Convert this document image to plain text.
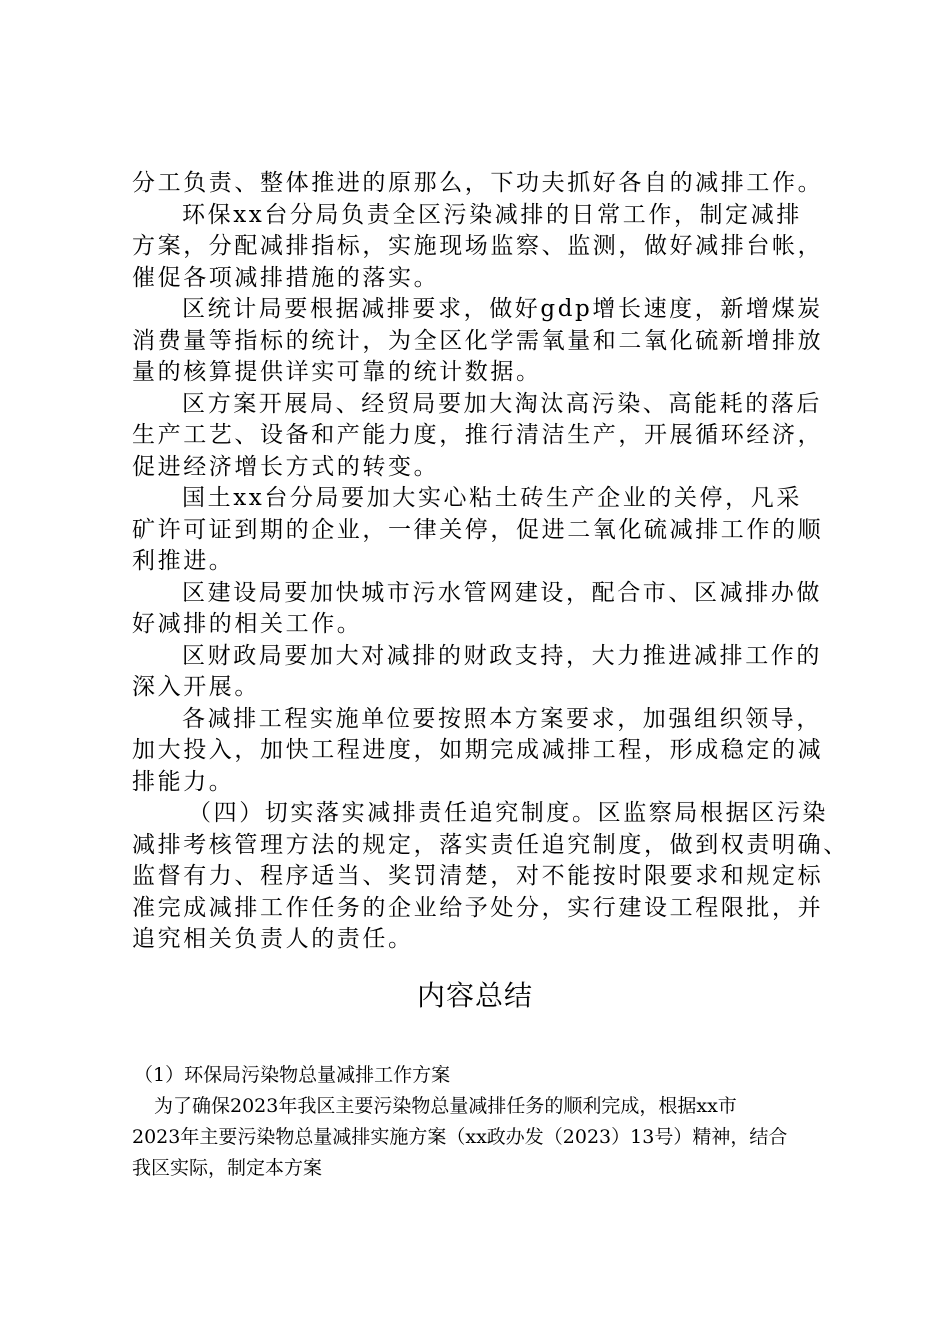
分工负责、整体推进的原那么，下功夫抓好各自的减排工作。
环保xx台分局负责全区污染减排的日常工作，制定减排
方案，分配减排指标，实施现场监察、监测，做好减排台帐，
催促各项减排措施的落实。
区统计局要根据减排要求，做好gdp增长速度，新增煤炭
消费量等指标的统计，为全区化学需氧量和二氧化硫新增排放
量的核算提供详实可靠的统计数据。
区方案开展局、经贸局要加大淘汰高污染、高能耗的落后
生产工艺、设备和产能力度，推行清洁生产，开展循环经济，
促进经济增长方式的转变。
国土xx台分局要加大实心粘土砖生产企业的关停，凡采
矿许可证到期的企业，一律关停，促进二氧化硫减排工作的顺
利推进。
区建设局要加快城市污水管网建设，配合市、区减排办做
好减排的相关工作。
区财政局要加大对减排的财政支持，大力推进减排工作的
深入开展。
各减排工程实施单位要按照本方案要求，加强组织领导，
加大投入，加快工程进度，如期完成减排工程，形成稳定的减
排能力。
（四）切实落实减排责任追究制度。区监察局根据区污染
减排考核管理方法的规定，落实责任追究制度，做到权责明确、
监督有力、程序适当、奖罚清楚，对不能按时限要求和规定标
准完成减排工作任务的企业给予处分，实行建设工程限批，并
追究相关负责人的责任。
内容总结
（1）环保局污染物总量减排工作方案
为了确保2023年我区主要污染物总量减排任务的顺利完成，根据xx市
2023年主要污染物总量减排实施方案（xx政办发（2023）13号）精神，结合
我区实际，制定本方案
